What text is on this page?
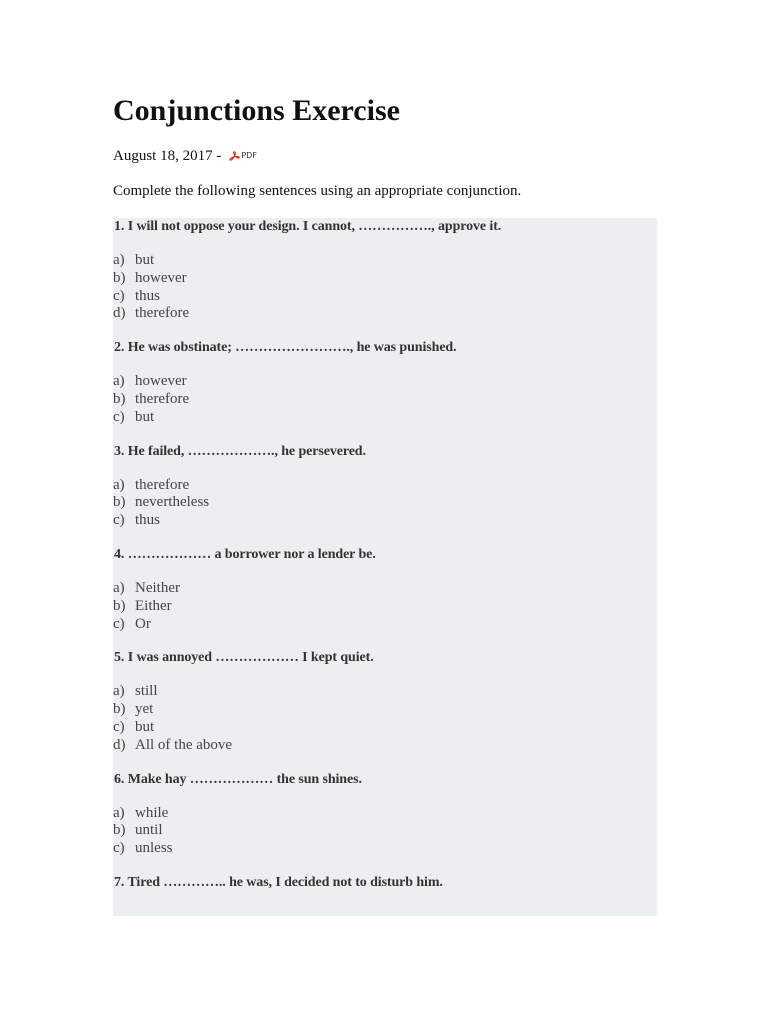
Conjunctions Exercise
August 18, 2017 -	PDF

Complete the following sentences using an appropriate conjunction.

1. I will not oppose your design. I cannot, ……………., approve it.

a) but
b) however
c) thus
d) therefore

2. He was obstinate; ……………………., he was punished.

a) however
b) therefore
c) but

3. He failed, ………………., he persevered.

a) therefore
b) nevertheless
c) thus

4. ……………… a borrower nor a lender be.

a) Neither
b) Either
c) Or

5. I was annoyed ……………… I kept quiet.

a) still
b) yet
c) but
d) All of the above

6. Make hay ……………… the sun shines.

a) while
b) until
c) unless

7. Tired ………….. he was, I decided not to disturb him.
